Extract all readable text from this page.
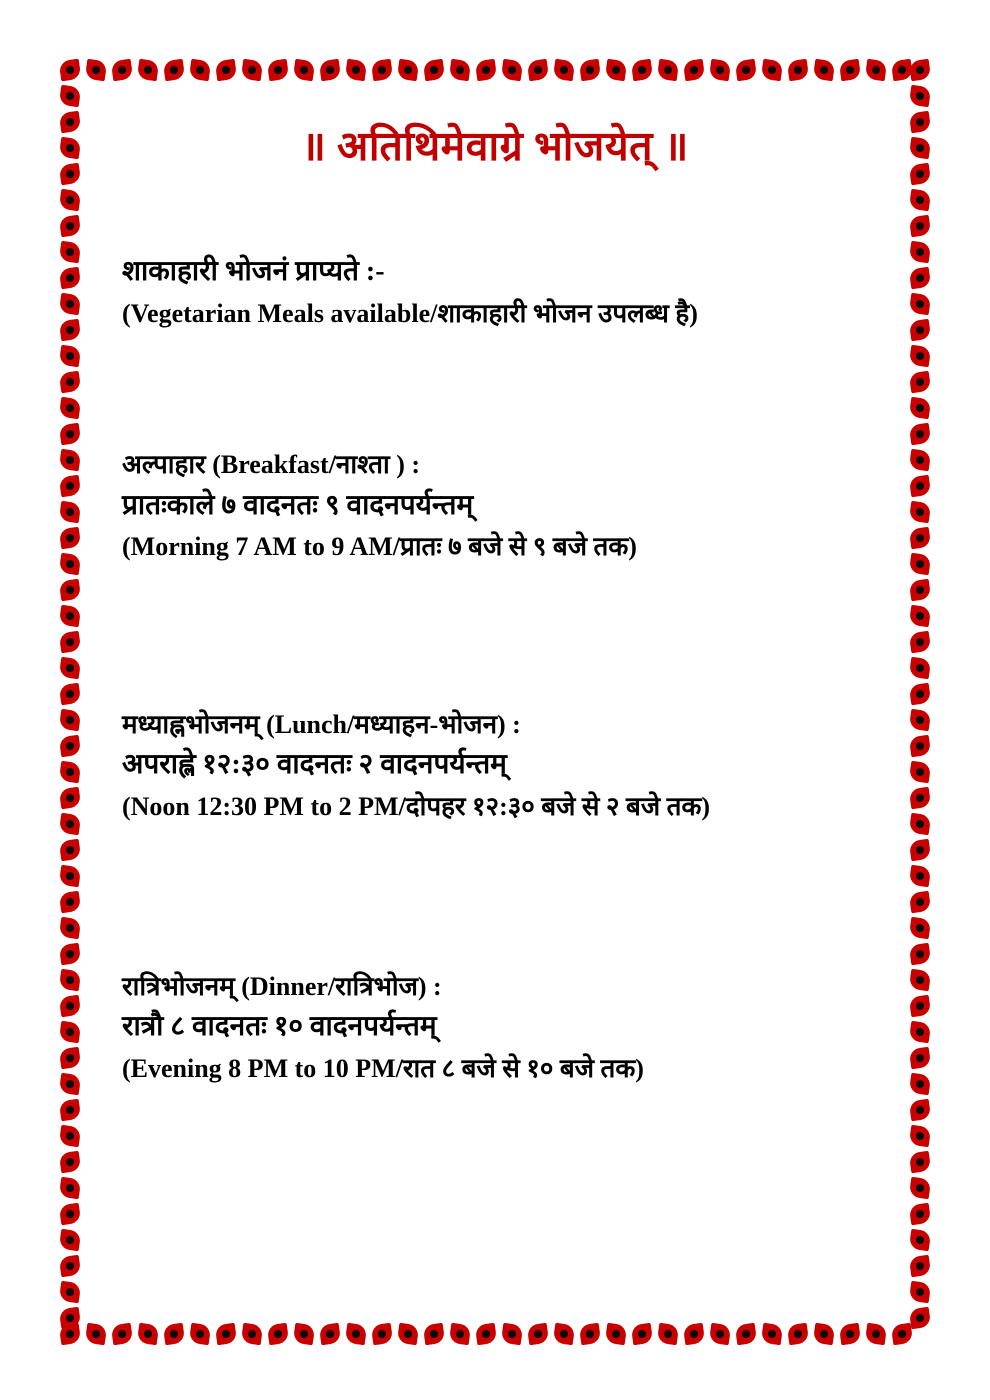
॥ अतिथिमेवाग्रे भोजयेत् ॥

शाकाहारी भोजनं प्राप्यते :-

(Vegetarian Meals available/शाकाहारी भोजन उपलब्ध है)

अल्पाहार (Breakfast/नाश्ता ) :

प्रातःकाले ७ वादनतः ९ वादनपर्यन्तम्

(Morning 7 AM to 9 AM/प्रातः ७ बजे से ९ बजे तक)

मध्याह्नभोजनम् (Lunch/मध्याहन-भोजन) :

अपराह्ले १२:३० वादनतः २ वादनपर्यन्तम्

(Noon 12:30 PM to 2 PM/दोपहर १२:३० बजे से २ बजे तक)

रात्रिभोजनम् (Dinner/रात्रिभोज) :

रात्रौ ८ वादनतः १० वादनपर्यन्तम्

(Evening 8 PM to 10 PM/रात ८ बजे से १० बजे तक)
